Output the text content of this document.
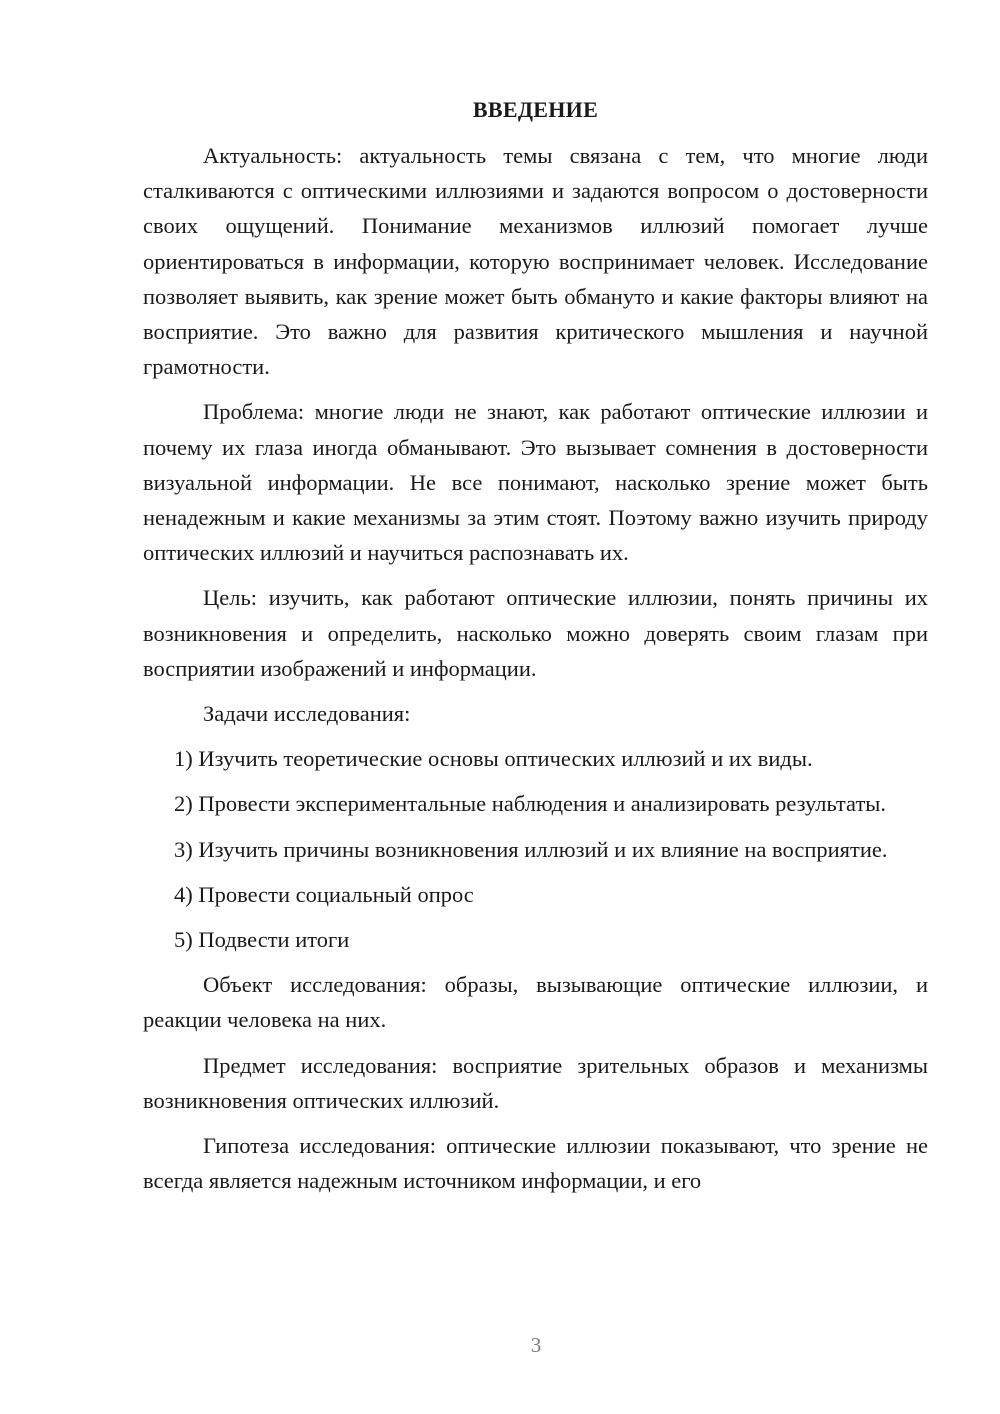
ВВЕДЕНИЕ

Актуальность: актуальность темы связана с тем, что многие люди сталкиваются с оптическими иллюзиями и задаются вопросом о достоверности своих ощущений. Понимание механизмов иллюзий помогает лучше ориентироваться в информации, которую воспринимает человек. Исследование позволяет выявить, как зрение может быть обмануто и какие факторы влияют на восприятие. Это важно для развития критического мышления и научной грамотности.

Проблема: многие люди не знают, как работают оптические иллюзии и почему их глаза иногда обманывают. Это вызывает сомнения в достоверности визуальной информации. Не все понимают, насколько зрение может быть ненадежным и какие механизмы за этим стоят. Поэтому важно изучить природу оптических иллюзий и научиться распознавать их.

Цель: изучить, как работают оптические иллюзии, понять причины их возникновения и определить, насколько можно доверять своим глазам при восприятии изображений и информации.

Задачи исследования:

1) Изучить теоретические основы оптических иллюзий и их виды.

2) Провести экспериментальные наблюдения и анализировать результаты.

3) Изучить причины возникновения иллюзий и их влияние на восприятие.

4) Провести социальный опрос

5) Подвести итоги

Объект исследования: образы, вызывающие оптические иллюзии, и реакции человека на них.

Предмет исследования: восприятие зрительных образов и механизмы возникновения оптических иллюзий.

Гипотеза исследования: оптические иллюзии показывают, что зрение не всегда является надежным источником информации, и его

3
